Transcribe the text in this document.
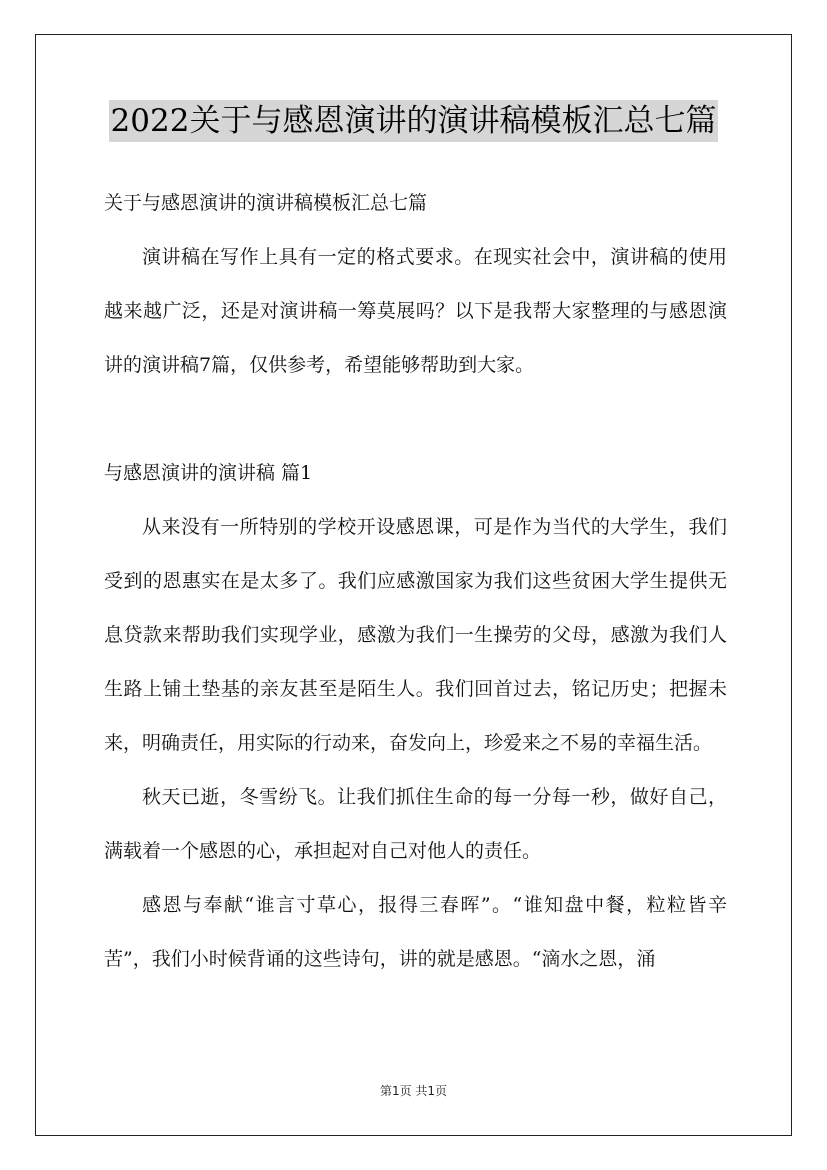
2022关于与感恩演讲的演讲稿模板汇总七篇

关于与感恩演讲的演讲稿模板汇总七篇

演讲稿在写作上具有一定的格式要求。在现实社会中，演讲稿的使用越来越广泛，还是对演讲稿一筹莫展吗？以下是我帮大家整理的与感恩演讲的演讲稿7篇，仅供参考，希望能够帮助到大家。

与感恩演讲的演讲稿 篇1

从来没有一所特别的学校开设感恩课，可是作为当代的大学生，我们受到的恩惠实在是太多了。我们应感激国家为我们这些贫困大学生提供无息贷款来帮助我们实现学业，感激为我们一生操劳的父母，感激为我们人生路上铺土垫基的亲友甚至是陌生人。我们回首过去，铭记历史；把握未来，明确责任，用实际的行动来，奋发向上，珍爱来之不易的幸福生活。

秋天已逝，冬雪纷飞。让我们抓住生命的每一分每一秒，做好自己，满载着一个感恩的心，承担起对自己对他人的责任。

感恩与奉献“谁言寸草心，报得三春晖”。“谁知盘中餐，粒粒皆辛苦”，我们小时候背诵的这些诗句，讲的就是感恩。“滴水之恩，涌

第1页 共1页
